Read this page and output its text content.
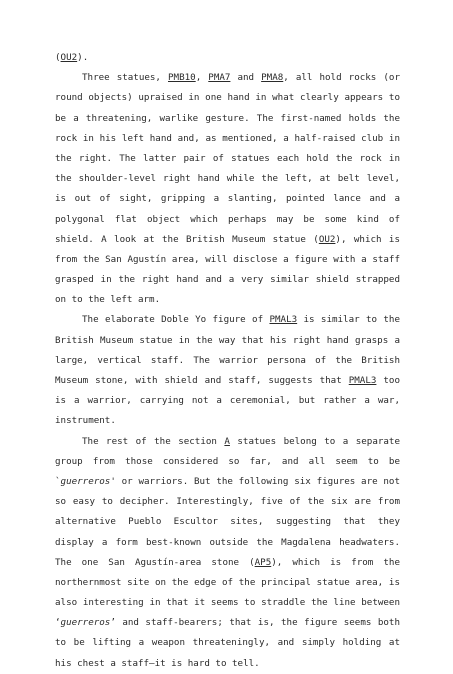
(OU2).

Three statues, PMB10, PMA7 and PMA8, all hold rocks (or round objects) upraised in one hand in what clearly appears to be a threatening, warlike gesture. The first-named holds the rock in his left hand and, as mentioned, a half-raised club in the right. The latter pair of statues each hold the rock in the shoulder-level right hand while the left, at belt level, is out of sight, gripping a slanting, pointed lance and a polygonal flat object which perhaps may be some kind of shield. A look at the British Museum statue (OU2), which is from the San Agustín area, will disclose a figure with a staff grasped in the right hand and a very similar shield strapped on to the left arm.

The elaborate Doble Yo figure of PMAL3 is similar to the British Museum statue in the way that his right hand grasps a large, vertical staff. The warrior persona of the British Museum stone, with shield and staff, suggests that PMAL3 too is a warrior, carrying not a ceremonial, but rather a war, instrument.

The rest of the section A statues belong to a separate group from those considered so far, and all seem to be `guerreros' or warriors. But the following six figures are not so easy to decipher. Interestingly, five of the six are from alternative Pueblo Escultor sites, suggesting that they display a form best-known outside the Magdalena headwaters. The one San Agustín-area stone (AP5), which is from the northernmost site on the edge of the principal statue area, is also interesting in that it seems to straddle the line between ‘guerreros’ and staff-bearers; that is, the figure seems both to be lifting a weapon threateningly, and simply holding at his chest a staff—it is hard to tell.
